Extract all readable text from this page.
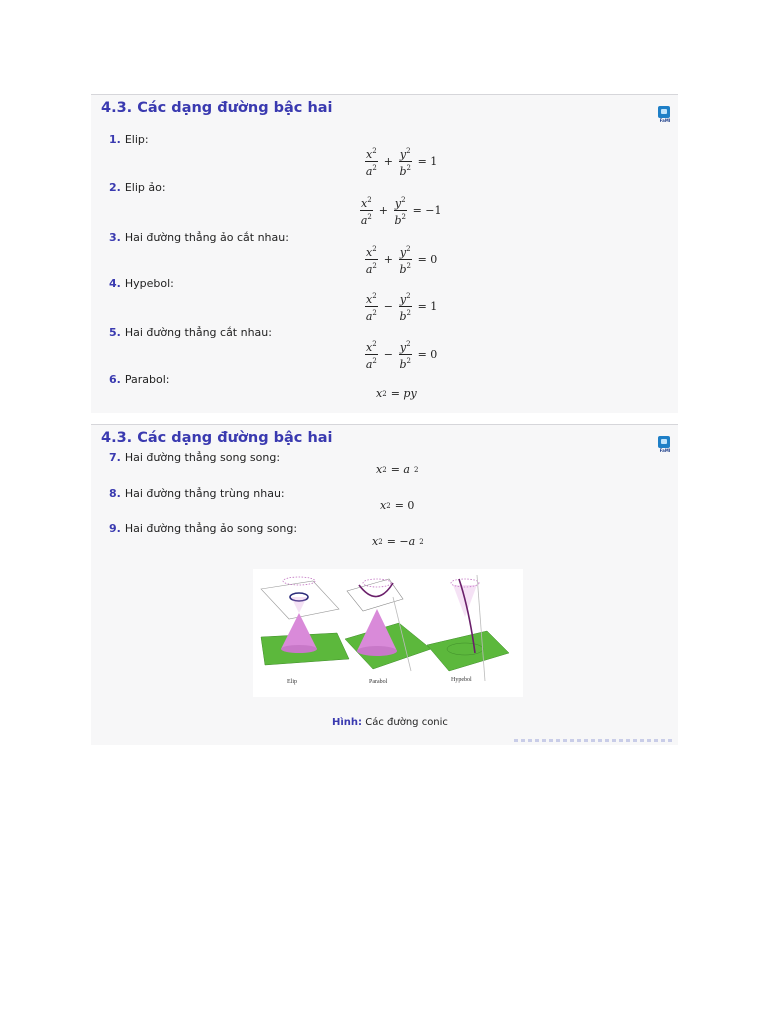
4.3. Các dạng đường bậc hai
FaMI
1. Elip:
$\frac{x^2}{a^2} + \frac{y^2}{b^2} = 1$
2. Elip ảo:
$\frac{x^2}{a^2} + \frac{y^2}{b^2} = -1$
3. Hai đường thẳng ảo cắt nhau:
$\frac{x^2}{a^2} + \frac{y^2}{b^2} = 0$
4. Hypebol:
$\frac{x^2}{a^2} - \frac{y^2}{b^2} = 1$
5. Hai đường thẳng cắt nhau:
$\frac{x^2}{a^2} - \frac{y^2}{b^2} = 0$
6. Parabol:
x 2 = py
4.3. Các dạng đường bậc hai
FaMI
7. Hai đường thẳng song song:
x 2 = a 2
8. Hai đường thẳng trùng nhau:
x 2 = 0
9. Hai đường thẳng ảo song song:
x 2 = −a 2
Elip	Parabol	Hypebol
Hình: Các đường conic
